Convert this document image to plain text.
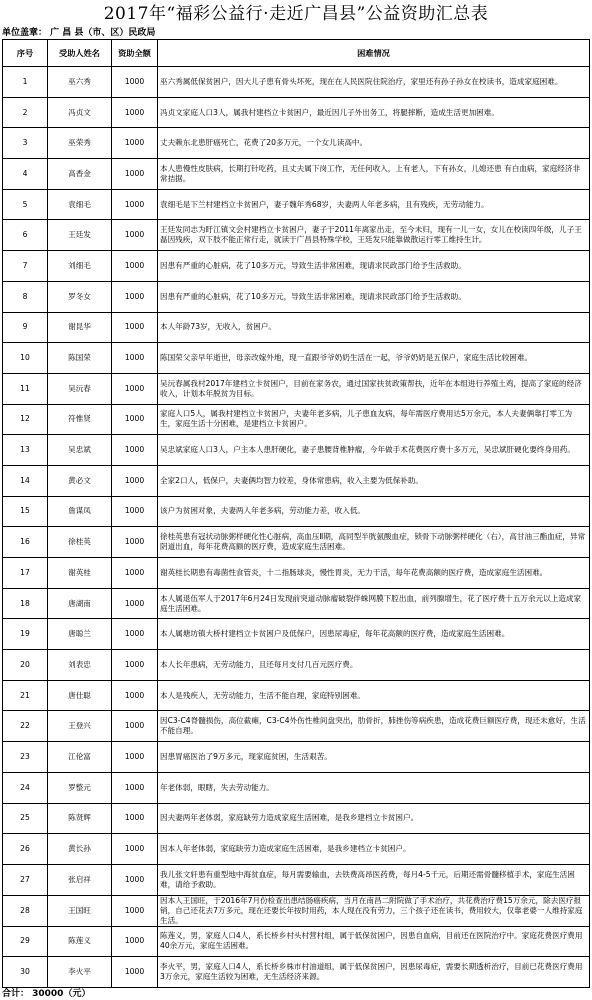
2017年“福彩公益行·走近广昌县”公益资助汇总表
单位盖章： 广 昌 县（市、区）民政局
序号	受助人姓名	资助全额	困难情况
1	巫六秀	1000	巫六秀属低保贫困户，因大儿子患有骨头坏死，现在在人民医院住院治疗，家里还有孙子孙女在校读书，造成家庭困难。
2	冯贞文	1000	冯贞文家庭人口3人，属我村建档立卡贫困户，最近因儿子外出务工，将腿摔断，造成生活更加困难。
3	巫荣秀	1000	丈夫赖东北患肝癌死亡，花费了20多万元，一个女儿读高中。
4	高香金	1000	本人患慢性皮肤病，长期打针吃药，且丈夫属下岗工作，无任何收入，上有老人，下有孙女，儿媳还患 有白血病，家庭经济非常拮据。
5	袁细毛	1000	袁细毛是下兰村建档立卡贫困户，妻子魏年秀68岁，夫妻两人年老多病，且有残疾，无劳动能力。
6	王廷发	1000	王廷发同志为盱江镇文会村建档立卡贫困户，妻子于2011年离家出走，至今未归，现有一儿一女，女儿在校读四年级，儿子王磊因残疾，双下肢不能正常行走，就读于广昌县特殊学校，王廷发只能靠做散运行零工维持生计。
7	刘细毛	1000	因患有严重的心脏病，花了10多万元，导致生活非常困难，现请求民政部门给予生活救助。
8	罗冬女	1000	因患有严重的心脏病，花了10多万元，导致生活非常困难，现请求民政部门给予生活救助。
9	谢昆华	1000	本人年龄73岁，无收入，贫困户。
10	陈国荣	1000	陈国荣父亲早年逝世，母亲改嫁外地，现一直跟爷爷奶奶生活在一起，爷爷奶奶是五保户，家庭生活比较困难。
11	吴沅春	1000	吴沅春属我村2017年建档立卡贫困户，目前在家务农，通过国家扶贫政策帮扶，近年在本组进行养殖土鸡，提高了家庭的经济收入，计划本年脱贫为目标。
12	符惟贤	1000	家庭人口5人，属我村建档立卡贫困户，夫妻年老多病，儿子患血友病，每年需医疗费用达5万余元，本人夫妻俩靠打零工为生，家庭生活十分困难，是建档立卡贫困户。
13	吴忠斌	1000	吴忠斌家庭人口3人，户主本人患肝硬化，妻子患腰背椎肿瘤，今年做手术花费医疗费十多万元，吴忠斌肝硬化要终身用药。
14	黄必文	1000	全家2口人，低保户，夫妻俩均智力较差，身体常患病，收入主要为低保补助。
15	詹谋凤	1000	该户为贫困对象，夫妻两人年老多病，劳动能力差，收入低。
16	徐桂英	1000	徐桂英患有冠状动脉粥样硬化性心脏病，高血压Ⅱ期，高同型半胱氨酸血症，锁骨下动脉粥样硬化（右），高甘油三酯血症，异常阴道出血，每年花费高额的医疗费，造成家庭生活困难。
17	谢英桂	1000	谢英桂长期患有毒菌性食管炎，十二指肠球炎，慢性胃炎，无力干活，每年花费高额的医疗费，造成家庭生活困难。
18	唐湖南	1000	本人属退伍军人于2017年6月24日发现前突道动脉瘤破裂伴蛛网膜下腔出血，前列腺增生，花了医疗费十五万余元以上造成家庭生活困难。
19	唐聪兰	1000	本人属塘坊镇大桥村建档立卡贫困户及低保户，因患尿毒症，每年花高额的医疗费，造成家庭生活困难。
20	刘表忠	1000	本人长年患病，无劳动能力，且还每月支付几百元医疗费。
21	唐仕聪	1000	本人是残疾人，无劳动能力，生活不能自理，家庭特别困难。
22	王登兴	1000	因C3-C4脊髓损伤，高位截瘫，C3-C4外伤性椎间盘突出，肋骨折，肺挫伤等病疾患，造成花费巨额医疗费，现还未愈好，生活不能自理。
23	江伦富	1000	因患胃癌医治了9万多元，现家庭贫困，生活艰苦。
24	罗整元	1000	年老体弱，眼瞎，失去劳动能力。
25	陈贤辉	1000	因夫妻两年老体弱，家庭缺劳力造成家庭生活困难，是我乡建档立卡贫困户。
26	黄长孙	1000	因本人年老体弱，家庭缺劳力造成家庭生活困难，是我乡建档立卡贫困户。
27	张启祥	1000	我儿张文轩患有重型地中海贫血症，每月需要输血，去铁费高昂医药费，每月4-5千元，后期还需骨髓移植手术，家庭生活困难，请给予救助。
28	王国旺	1000	因本人王国旺，于2016年7月份检查出患结肠癌疾病，当月在南昌二附院做了手术治疗，共花费治疗费15万余元，除去医疗报销，自己还花去7万多元，现在还要长年按时用药，本人现在没有劳力，三个孩子还在读书，费用较大，仅靠老婆一人维持家庭生活。
29	陈莲义	1000	陈莲义，男，家庭人口4人，系长桥乡村头村营村组，属于低保贫困户，因患自血病，目前还在医院治疗中。家庭花费医疗费用40余万元，家庭生活困难。
30	李火平	1000	李火平，男，家庭人口4人，系长桥乡株市村油道组，属于低保贫困户，因患尿毒症，需要长期透析治疗，目前已花费医疗费用3万余元，家庭生活较为困难，无生活经济来源。
合计： 30000（元）
